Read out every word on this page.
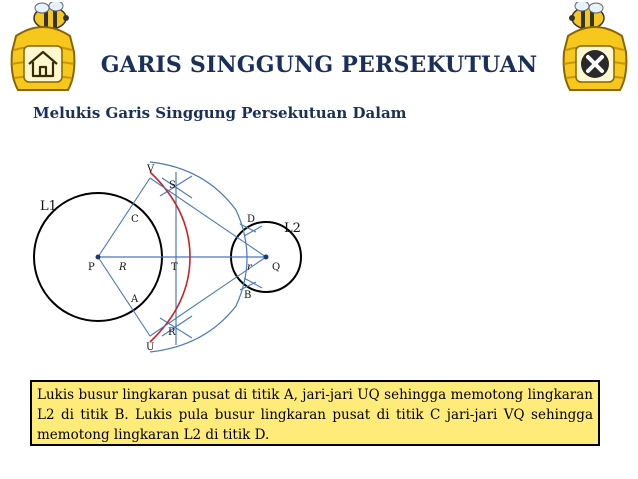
GARIS SINGGUNG PERSEKUTUAN
Melukis Garis Singgung Persekutuan Dalam
L1
L2
P	Q
R	r
T
V
S
C	D
A	B
R
U
Lukis busur lingkaran pusat di titik A, jari-jari UQ sehingga memotong lingkaran L2 di titik B. Lukis pula busur lingkaran pusat di titik C jari-jari VQ sehingga memotong lingkaran L2 di titik D.
